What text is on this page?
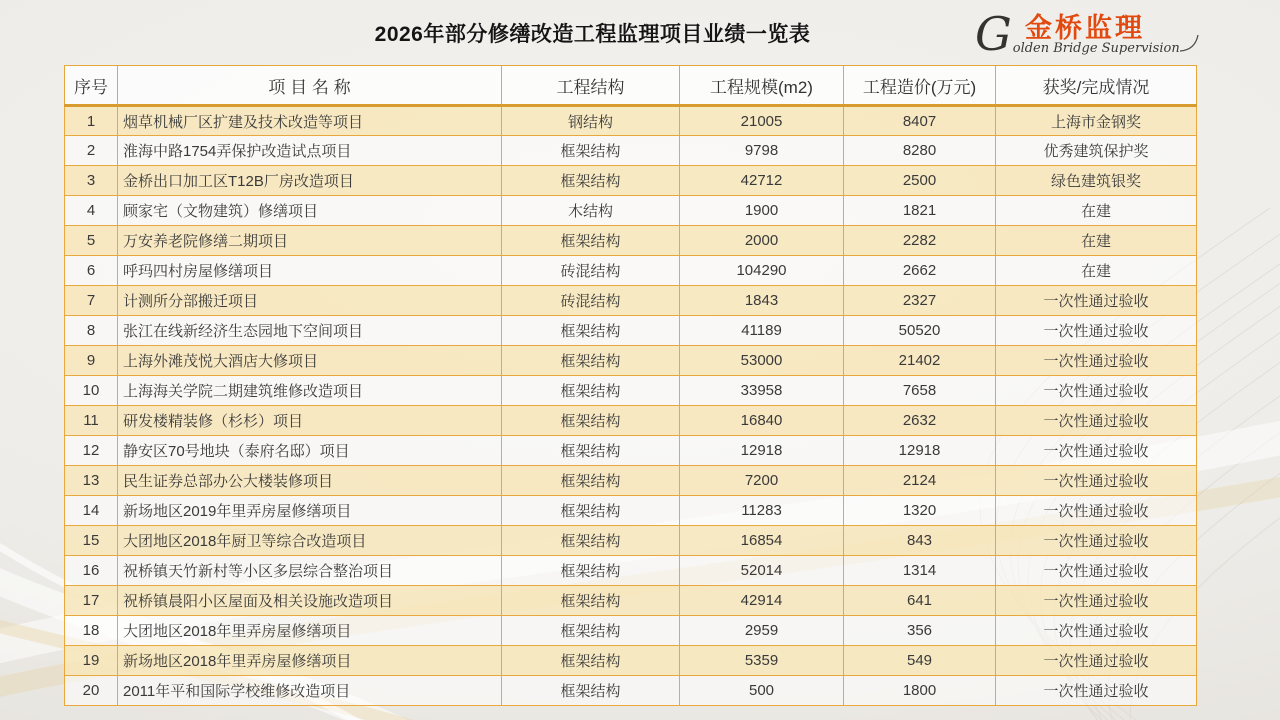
2026年部分修缮改造工程监理项目业绩一览表	金桥监理
Golden Bridge Supervision
序号	项 目 名 称	工程结构	工程规模(m2)	工程造价(万元)	获奖/完成情况
1	烟草机械厂区扩建及技术改造等项目	钢结构	21005	8407	上海市金钢奖
2	淮海中路1754弄保护改造试点项目	框架结构	9798	8280	优秀建筑保护奖
3	金桥出口加工区T12B厂房改造项目	框架结构	42712	2500	绿色建筑银奖
4	顾家宅（文物建筑）修缮项目	木结构	1900	1821	在建
5	万安养老院修缮二期项目	框架结构	2000	2282	在建
6	呼玛四村房屋修缮项目	砖混结构	104290	2662	在建
7	计测所分部搬迁项目	砖混结构	1843	2327	一次性通过验收
8	张江在线新经济生态园地下空间项目	框架结构	41189	50520	一次性通过验收
9	上海外滩茂悦大酒店大修项目	框架结构	53000	21402	一次性通过验收
10	上海海关学院二期建筑维修改造项目	框架结构	33958	7658	一次性通过验收
11	研发楼精装修（杉杉）项目	框架结构	16840	2632	一次性通过验收
12	静安区70号地块（泰府名邸）项目	框架结构	12918	12918	一次性通过验收
13	民生证券总部办公大楼装修项目	框架结构	7200	2124	一次性通过验收
14	新场地区2019年里弄房屋修缮项目	框架结构	11283	1320	一次性通过验收
15	大团地区2018年厨卫等综合改造项目	框架结构	16854	843	一次性通过验收
16	祝桥镇天竹新村等小区多层综合整治项目	框架结构	52014	1314	一次性通过验收
17	祝桥镇晨阳小区屋面及相关设施改造项目	框架结构	42914	641	一次性通过验收
18	大团地区2018年里弄房屋修缮项目	框架结构	2959	356	一次性通过验收
19	新场地区2018年里弄房屋修缮项目	框架结构	5359	549	一次性通过验收
20	2011年平和国际学校维修改造项目	框架结构	500	1800	一次性通过验收
